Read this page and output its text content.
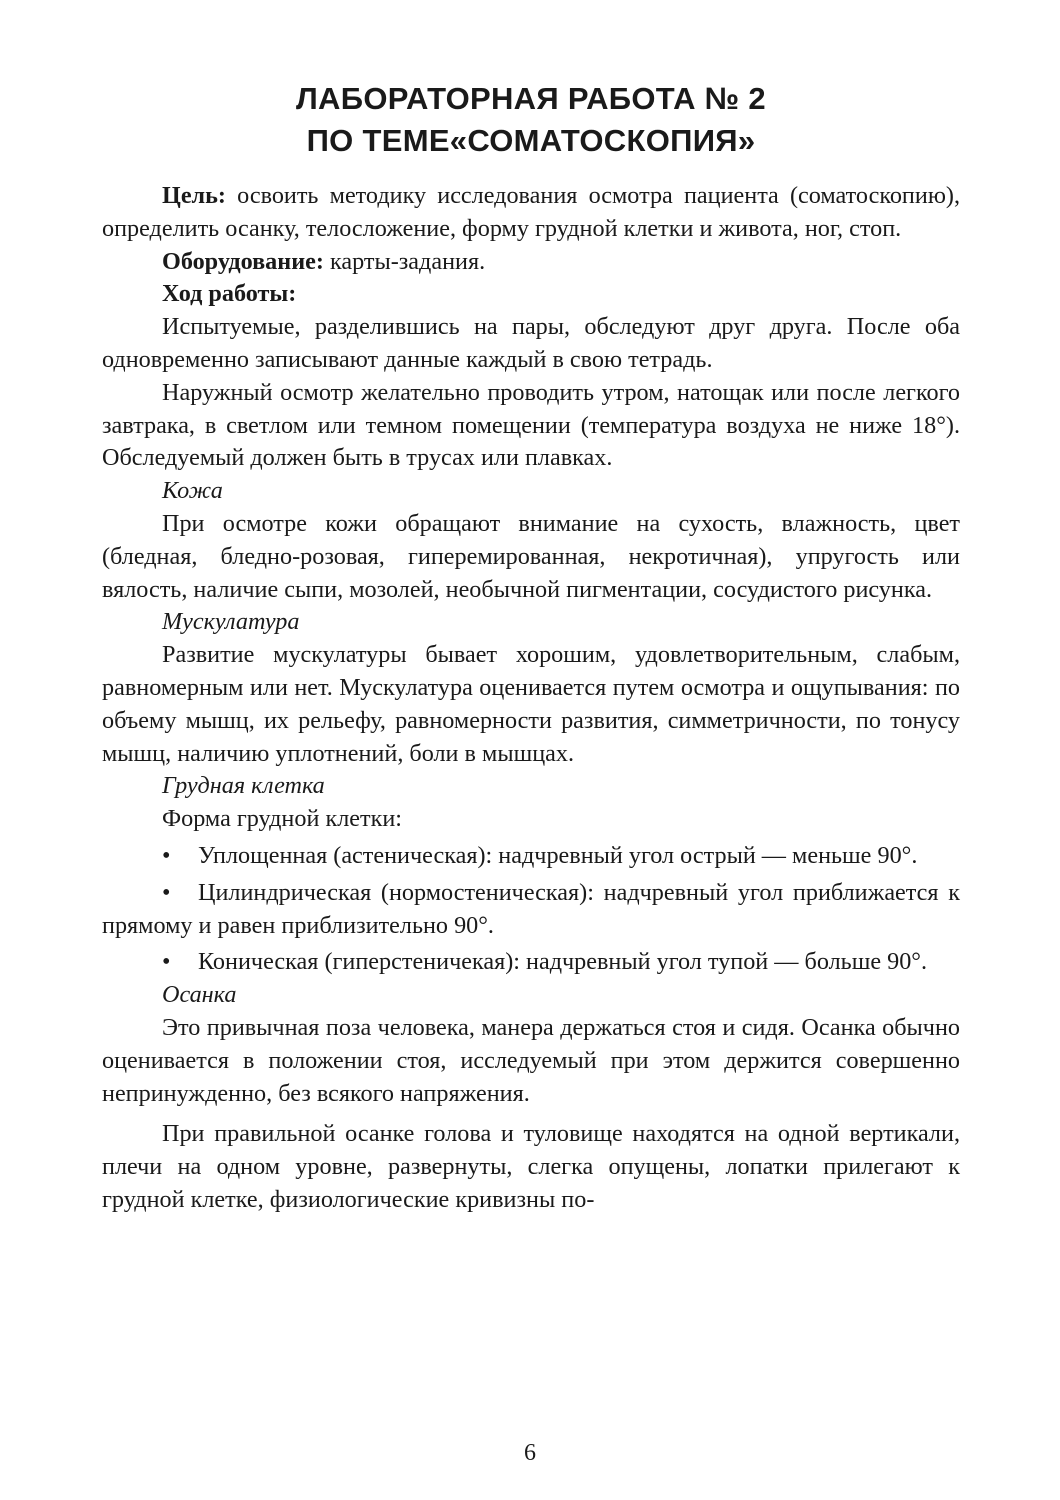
ЛАБОРАТОРНАЯ РАБОТА № 2
ПО ТЕМЕ«СОМАТОСКОПИЯ»

Цель: освоить методику исследования осмотра пациента (соматоскопию), определить осанку, телосложение, форму грудной клетки и живота, ног, стоп.

Оборудование: карты-задания.

Ход работы:

Испытуемые, разделившись на пары, обследуют друг друга. После оба одновременно записывают данные каждый в свою тетрадь.

Наружный осмотр желательно проводить утром, натощак или после легкого завтрака, в светлом или темном помещении (температура воздуха не ниже 18°). Обследуемый должен быть в трусах или плавках.

Кожа

При осмотре кожи обращают внимание на сухость, влажность, цвет (бледная, бледно-розовая, гиперемированная, некротичная), упругость или вялость, наличие сыпи, мозолей, необычной пигментации, сосудистого рисунка.

Мускулатура

Развитие мускулатуры бывает хорошим, удовлетворительным, слабым, равномерным или нет. Мускулатура оценивается путем осмотра и ощупывания: по объему мышц, их рельефу, равномерности развития, симметричности, по тонусу мышц, наличию уплотнений, боли в мышцах.

Грудная клетка

Форма грудной клетки:

• Уплощенная (астеническая): надчревный угол острый — меньше 90°.

• Цилиндрическая (нормостеническая): надчревный угол приближается к прямому и равен приблизительно 90°.

• Коническая (гиперстеничекая): надчревный угол тупой — больше 90°.

Осанка

Это привычная поза человека, манера держаться стоя и сидя. Осанка обычно оценивается в положении стоя, исследуемый при этом держится совершенно непринужденно, без всякого напряжения.

При правильной осанке голова и туловище находятся на одной вертикали, плечи на одном уровне, развернуты, слегка опущены, лопатки прилегают к грудной клетке, физиологические кривизны по-

6
